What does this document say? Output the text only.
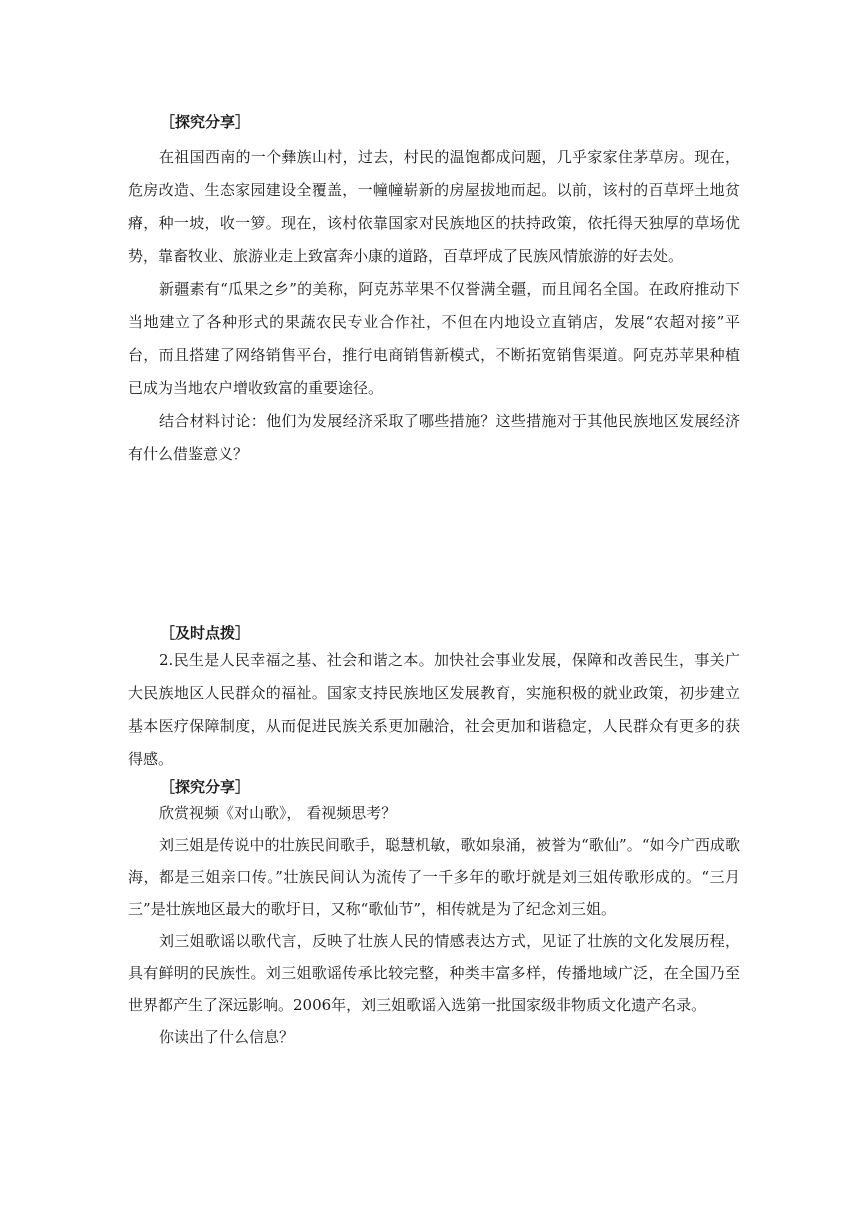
［探究分享］

在祖国西南的一个彝族山村，过去，村民的温饱都成问题，几乎家家住茅草房。现在，危房改造、生态家园建设全覆盖，一幢幢崭新的房屋拔地而起。以前，该村的百草坪土地贫瘠，种一坡，收一箩。现在，该村依靠国家对民族地区的扶持政策，依托得天独厚的草场优势，靠畜牧业、旅游业走上致富奔小康的道路，百草坪成了民族风情旅游的好去处。

新疆素有“瓜果之乡”的美称，阿克苏苹果不仅誉满全疆，而且闻名全国。在政府推动下当地建立了各种形式的果蔬农民专业合作社，不但在内地设立直销店，发展“农超对接”平台，而且搭建了网络销售平台，推行电商销售新模式，不断拓宽销售渠道。阿克苏苹果种植已成为当地农户增收致富的重要途径。

结合材料讨论：他们为发展经济采取了哪些措施？这些措施对于其他民族地区发展经济有什么借鉴意义？

［及时点拨］

2.民生是人民幸福之基、社会和谐之本。加快社会事业发展，保障和改善民生，事关广大民族地区人民群众的福祉。国家支持民族地区发展教育，实施积极的就业政策，初步建立基本医疗保障制度，从而促进民族关系更加融洽，社会更加和谐稳定，人民群众有更多的获得感。

［探究分享］

欣赏视频《对山歌》， 看视频思考？

刘三姐是传说中的壮族民间歌手，聪慧机敏，歌如泉涌，被誉为“歌仙”。“如今广西成歌海，都是三姐亲口传。”壮族民间认为流传了一千多年的歌圩就是刘三姐传歌形成的。“三月三”是壮族地区最大的歌圩日，又称“歌仙节”，相传就是为了纪念刘三姐。

刘三姐歌谣以歌代言，反映了壮族人民的情感表达方式，见证了壮族的文化发展历程，具有鲜明的民族性。刘三姐歌谣传承比较完整，种类丰富多样，传播地域广泛，在全国乃至世界都产生了深远影响。2006年，刘三姐歌谣入选第一批国家级非物质文化遗产名录。

你读出了什么信息？
